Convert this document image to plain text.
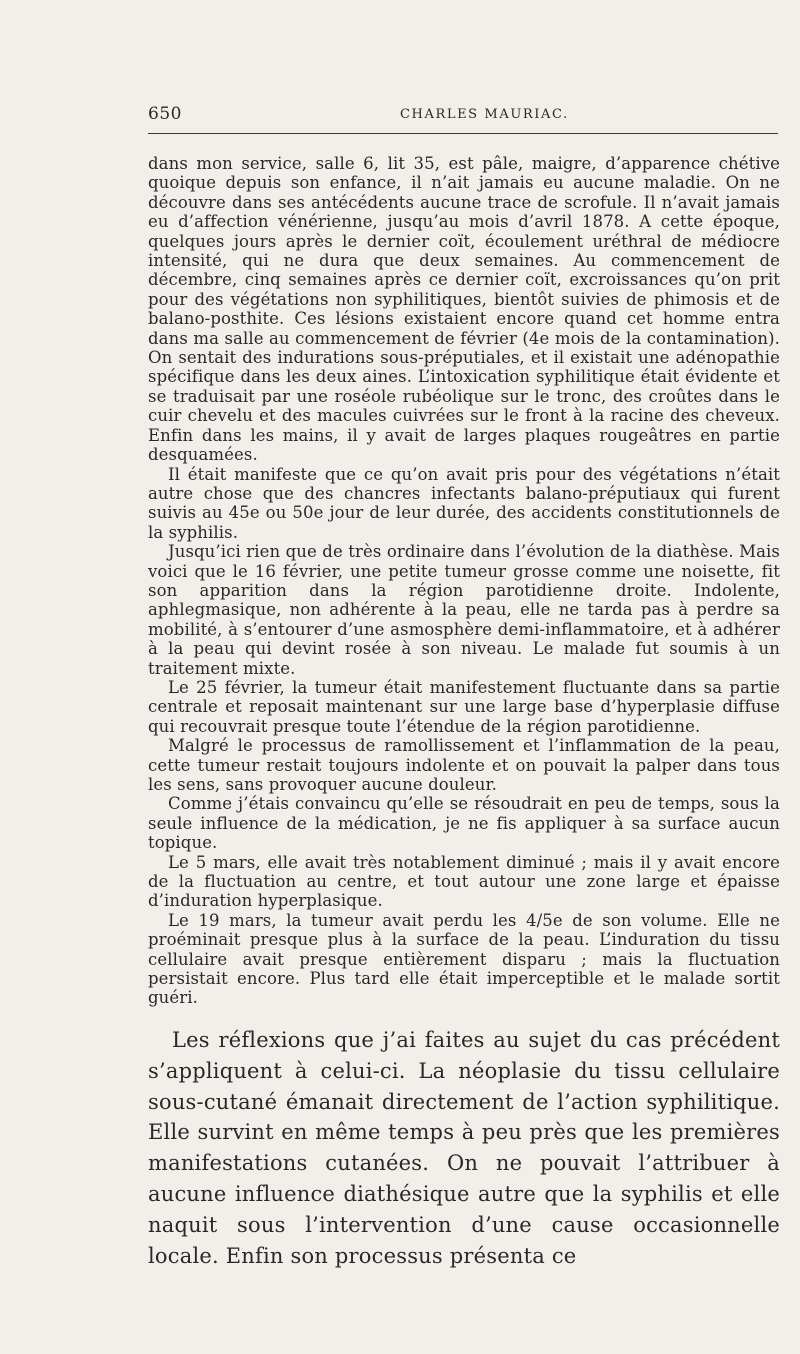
650	CHARLES MAURIAC.

dans mon service, salle 6, lit 35, est pâle, maigre, d’apparence chétive quoique depuis son enfance, il n’ait jamais eu aucune maladie. On ne découvre dans ses antécédents aucune trace de scrofule. Il n’avait jamais eu d’affection vénérienne, jusqu’au mois d’avril 1878. A cette époque, quelques jours après le dernier coït, écoulement uréthral de médiocre intensité, qui ne dura que deux semaines. Au commencement de décembre, cinq semaines après ce dernier coït, excroissances qu’on prit pour des végétations non syphilitiques, bientôt suivies de phimosis et de balano-posthite. Ces lésions existaient encore quand cet homme entra dans ma salle au commencement de février (4e mois de la contamination). On sentait des indurations sous-préputiales, et il existait une adénopathie spécifique dans les deux aines. L’intoxication syphilitique était évidente et se traduisait par une roséole rubéolique sur le tronc, des croûtes dans le cuir chevelu et des macules cuivrées sur le front à la racine des cheveux. Enfin dans les mains, il y avait de larges plaques rougeâtres en partie desquamées.

Il était manifeste que ce qu’on avait pris pour des végétations n’était autre chose que des chancres infectants balano-préputiaux qui furent suivis au 45e ou 50e jour de leur durée, des accidents constitutionnels de la syphilis.

Jusqu’ici rien que de très ordinaire dans l’évolution de la diathèse. Mais voici que le 16 février, une petite tumeur grosse comme une noisette, fit son apparition dans la région parotidienne droite. Indolente, aphlegmasique, non adhérente à la peau, elle ne tarda pas à perdre sa mobilité, à s’entourer d’une asmosphère demi-inflammatoire, et à adhérer à la peau qui devint rosée à son niveau. Le malade fut soumis à un traitement mixte.

Le 25 février, la tumeur était manifestement fluctuante dans sa partie centrale et reposait maintenant sur une large base d’hyperplasie diffuse qui recouvrait presque toute l’étendue de la région parotidienne.

Malgré le processus de ramollissement et l’inflammation de la peau, cette tumeur restait toujours indolente et on pouvait la palper dans tous les sens, sans provoquer aucune douleur.

Comme j’étais convaincu qu’elle se résoudrait en peu de temps, sous la seule influence de la médication, je ne fis appliquer à sa surface aucun topique.

Le 5 mars, elle avait très notablement diminué ; mais il y avait encore de la fluctuation au centre, et tout autour une zone large et épaisse d’induration hyperplasique.

Le 19 mars, la tumeur avait perdu les 4/5e de son volume. Elle ne proéminait presque plus à la surface de la peau. L’induration du tissu cellulaire avait presque entièrement disparu ; mais la fluctuation persistait encore. Plus tard elle était imperceptible et le malade sortit guéri.

Les réflexions que j’ai faites au sujet du cas précédent s’appliquent à celui-ci. La néoplasie du tissu cellulaire sous-cutané émanait directement de l’action syphilitique. Elle survint en même temps à peu près que les premières manifestations cutanées. On ne pouvait l’attribuer à aucune influence diathésique autre que la syphilis et elle naquit sous l’intervention d’une cause occasionnelle locale. Enfin son processus présenta ce
